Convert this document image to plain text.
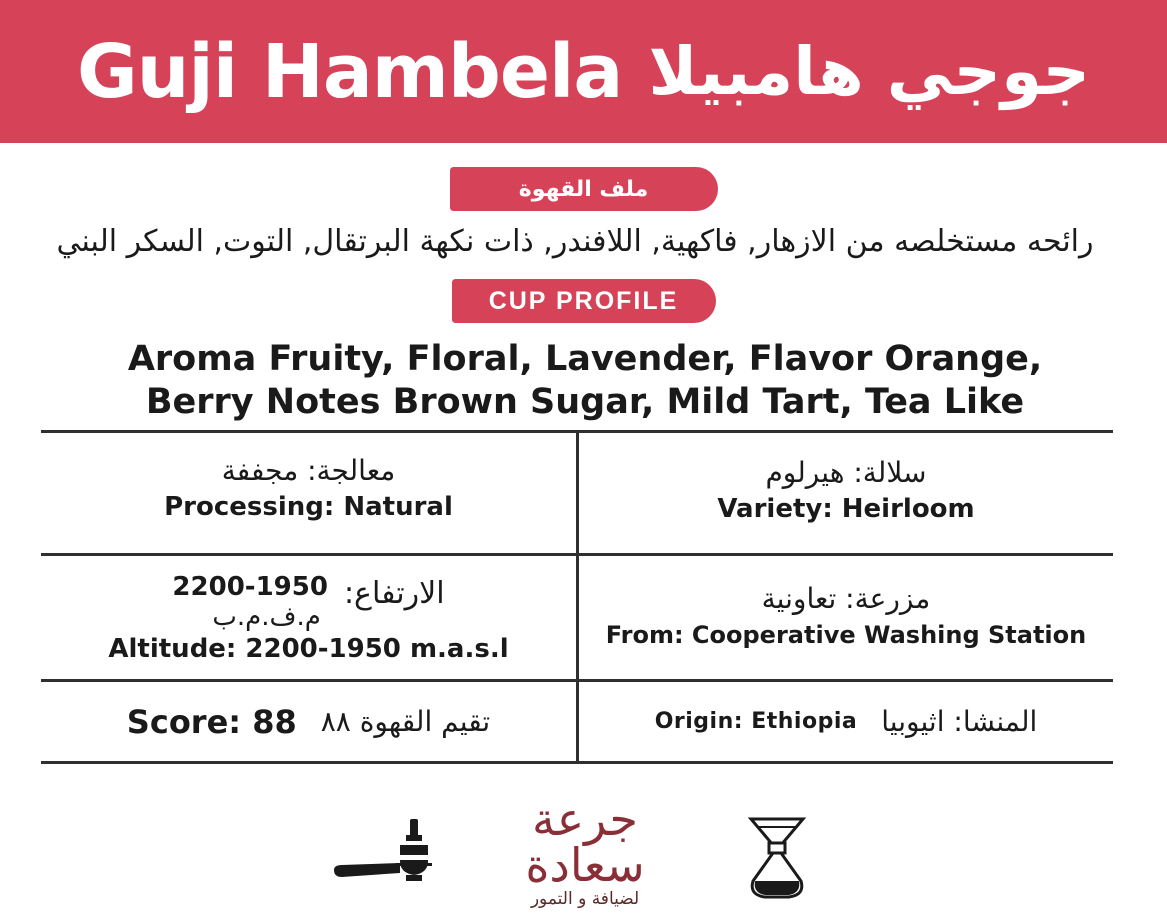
Guji Hambela جوجي هامبيلا
ملف القهوة
رائحه مستخلصه من الازهار, فاكهية, اللافندر, ذات نكهة البرتقال, التوت, السكر البني
CUP PROFILE
Aroma Fruity, Floral, Lavender, Flavor Orange,
Berry Notes Brown Sugar, Mild Tart, Tea Like
معالجة: مجففة
Processing: Natural
سلالة: هيرلوم
Variety: Heirloom
2200-1950
م.ف.م.ب
الارتفاع:
Altitude: 2200-1950 m.a.s.l
مزرعة: تعاونية
From: Cooperative Washing Station
Score: 88 تقيم القهوة ٨٨	Origin: Ethiopia المنشا: اثيوبيا
جرعة
سعادة
لضيافة و التمور
